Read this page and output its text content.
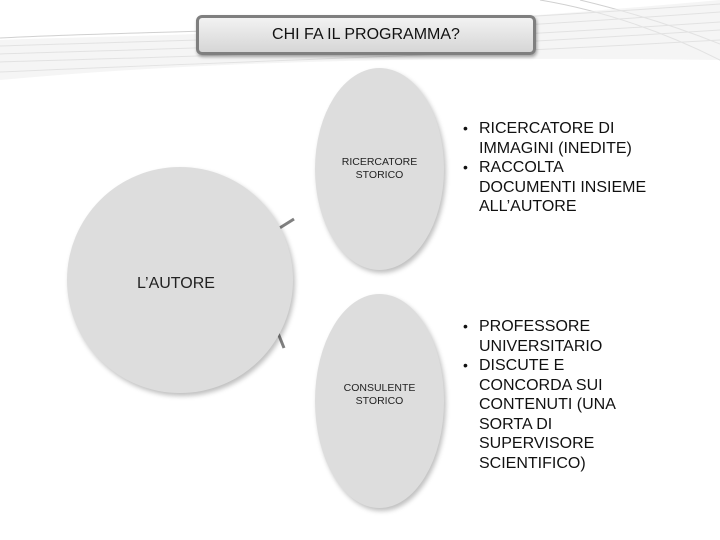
CHI FA IL PROGRAMMA?
L’AUTORE
RICERCATORE
STORICO
CONSULENTE
STORICO
• RICERCATORE DI
IMMAGINI (INEDITE)
• RACCOLTA
DOCUMENTI INSIEME
ALL’AUTORE
• PROFESSORE
UNIVERSITARIO
• DISCUTE E
CONCORDA SUI
CONTENUTI (UNA
SORTA DI
SUPERVISORE
SCIENTIFICO)
